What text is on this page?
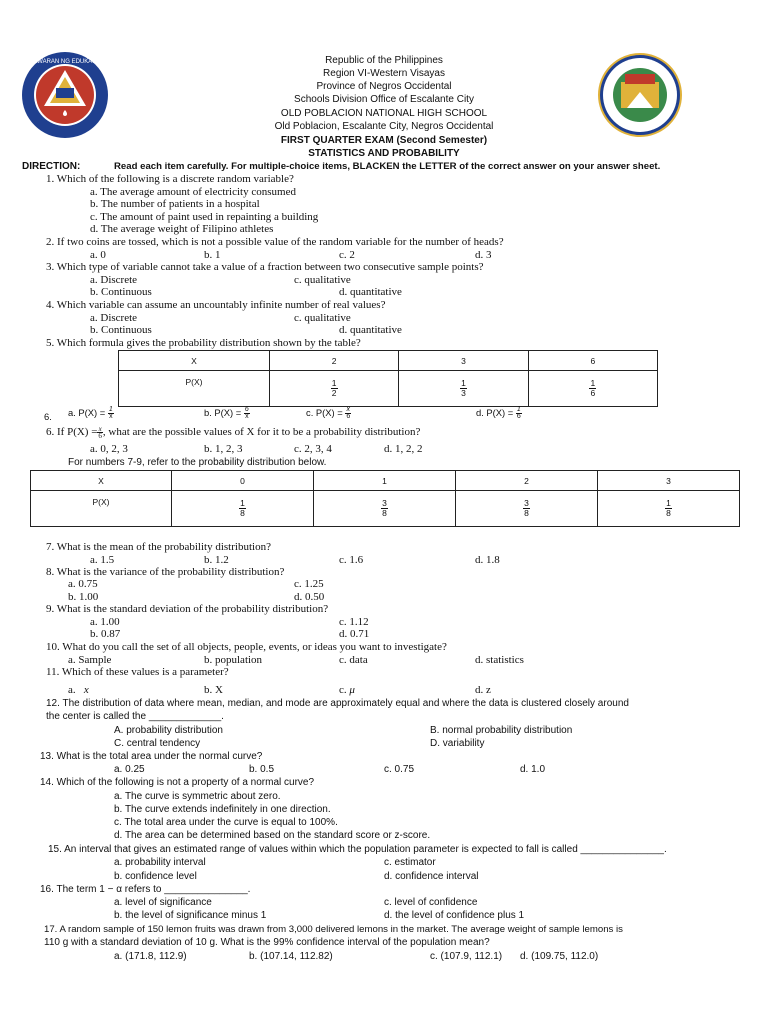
KAGAWARAN NG EDUKASYON	Republic of the Philippines
Region VI-Western Visayas
Province of Negros Occidental
Schools Division Office of Escalante City
OLD POBLACION NATIONAL HIGH SCHOOL
Old Poblacion, Escalante City, Negros Occidental
FIRST QUARTER EXAM (Second Semester)
STATISTICS AND PROBABILITY
DIRECTION:	Read each item carefully. For multiple-choice items, BLACKEN the LETTER of the correct answer on your answer sheet.
1. Which of the following is a discrete random variable?
a. The average amount of electricity consumed
b. The number of patients in a hospital
c. The amount of paint used in repainting a building
d. The average weight of Filipino athletes
2. If two coins are tossed, which is not a possible value of the random variable for the number of heads?
a. 0	b. 1	c. 2	d. 3
3. Which type of variable cannot take a value of a fraction between two consecutive sample points?
a. Discrete	c. qualitative
b. Continuous	d. quantitative
4. Which variable can assume an uncountably infinite number of real values?
a. Discrete	c. qualitative
b. Continuous	d. quantitative
5. Which formula gives the probability distribution shown by the table?
X	2	3	6
P(X)	$\frac{1}{2}$	$\frac{1}{3}$	$\frac{1}{6}$
6. a. $P(X) = \frac{1}{x}$	b. $P(X) = \frac{6}{x}$	c. $P(X) = \frac{x}{6}$	d. $P(X) = \frac{1}{6}$
6. If $P(X) = \frac{x}{6}$ , what are the possible values of X for it to be a probability distribution?
a. 0, 2, 3	b. 1, 2, 3	c. 2, 3, 4	d. 1, 2, 2
For numbers 7-9, refer to the probability distribution below.
X	0	1	2	3
P(X)	$\frac{1}{8}$	$\frac{3}{8}$	$\frac{3}{8}$	$\frac{1}{8}$
7. What is the mean of the probability distribution?
a. 1.5	b. 1.2	c. 1.6	d. 1.8
8. What is the variance of the probability distribution?
a. 0.75	c. 1.25
b. 1.00	d. 0.50
9. What is the standard deviation of the probability distribution?
a. 1.00	c. 1.12
b. 0.87	d. 0.71
10. What do you call the set of all objects, people, events, or ideas you want to investigate?
a. Sample	b. population	c. data	d. statistics
11. Which of these values is a parameter?
a. x	b. X	c. μ	d. z
12. The distribution of data where mean, median, and mode are approximately equal and where the data is clustered closely around
the center is called the _____________.
A. probability distribution	B. normal probability distribution
C. central tendency	D. variability
13. What is the total area under the normal curve?
a. 0.25	b. 0.5	c. 0.75	d. 1.0
14. Which of the following is not a property of a normal curve?
a. The curve is symmetric about zero.
b. The curve extends indefinitely in one direction.
c. The total area under the curve is equal to 100%.
d. The area can be determined based on the standard score or z-score.
15. An interval that gives an estimated range of values within which the population parameter is expected to fall is called _______________.
a. probability interval	c. estimator
b. confidence level	d. confidence interval
16. The term 1 − α refers to _______________.
a. level of significance	c. level of confidence
b. the level of significance minus 1	d. the level of confidence plus 1
17. A random sample of 150 lemon fruits was drawn from 3,000 delivered lemons in the market. The average weight of sample lemons is
110 g with a standard deviation of 10 g. What is the 99% confidence interval of the population mean?
a. (171.8, 112.9)	b. (107.14, 112.82)	c. (107.9, 112.1) d. (109.75, 112.0)
